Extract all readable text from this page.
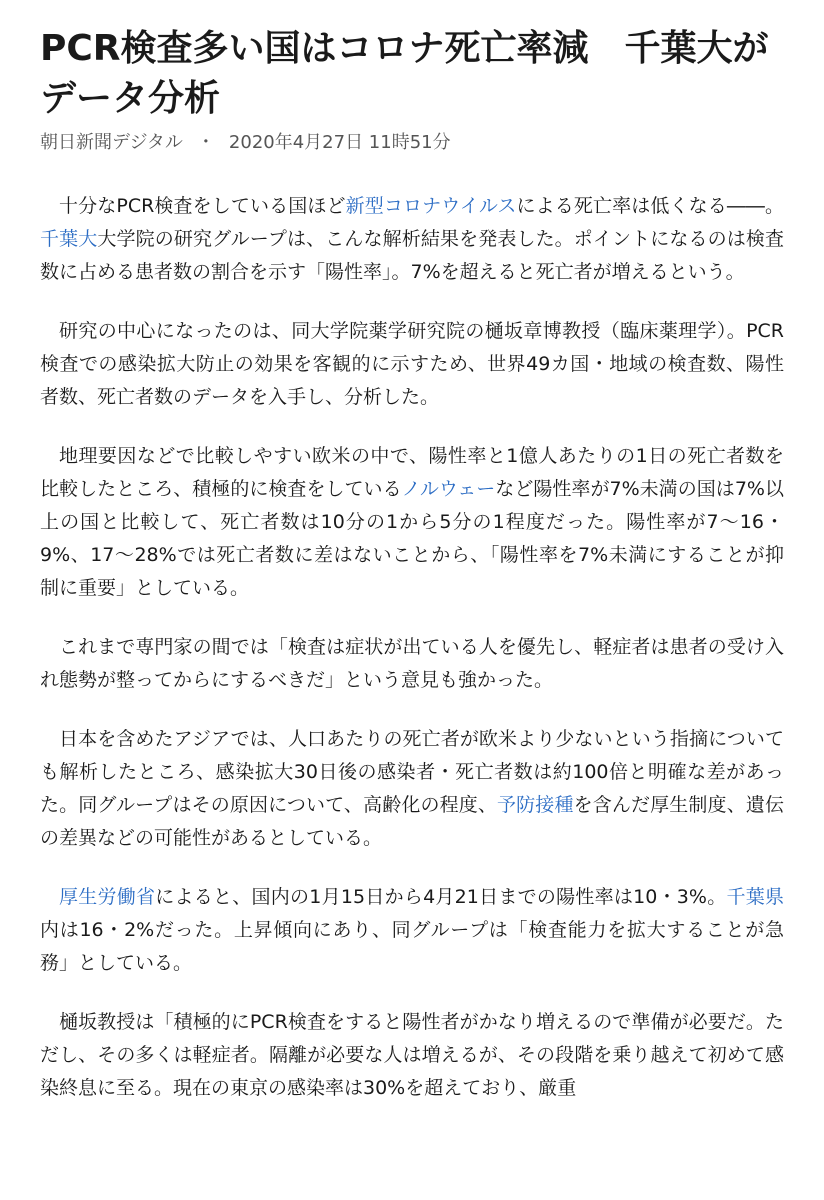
PCR検査多い国はコロナ死亡率減　千葉大がデータ分析
朝日新聞デジタル ・ 2020年4月27日 11時51分

十分なPCR検査をしている国ほど新型コロナウイルスによる死亡率は低くなる――。千葉大大学院の研究グループは、こんな解析結果を発表した。ポイントになるのは検査数に占める患者数の割合を示す「陽性率」。7%を超えると死亡者が増えるという。

研究の中心になったのは、同大学院薬学研究院の樋坂章博教授（臨床薬理学）。PCR検査での感染拡大防止の効果を客観的に示すため、世界49カ国・地域の検査数、陽性者数、死亡者数のデータを入手し、分析した。

地理要因などで比較しやすい欧米の中で、陽性率と1億人あたりの1日の死亡者数を比較したところ、積極的に検査をしているノルウェーなど陽性率が7%未満の国は7%以上の国と比較して、死亡者数は10分の1から5分の1程度だった。陽性率が7〜16・9%、17〜28%では死亡者数に差はないことから、「陽性率を7%未満にすることが抑制に重要」としている。

これまで専門家の間では「検査は症状が出ている人を優先し、軽症者は患者の受け入れ態勢が整ってからにするべきだ」という意見も強かった。

日本を含めたアジアでは、人口あたりの死亡者が欧米より少ないという指摘についても解析したところ、感染拡大30日後の感染者・死亡者数は約100倍と明確な差があった。同グループはその原因について、高齢化の程度、予防接種を含んだ厚生制度、遺伝の差異などの可能性があるとしている。

厚生労働省によると、国内の1月15日から4月21日までの陽性率は10・3%。千葉県内は16・2%だった。上昇傾向にあり、同グループは「検査能力を拡大することが急務」としている。

樋坂教授は「積極的にPCR検査をすると陽性者がかなり増えるので準備が必要だ。ただし、その多くは軽症者。隔離が必要な人は増えるが、その段階を乗り越えて初めて感染終息に至る。現在の東京の感染率は30%を超えており、厳重
